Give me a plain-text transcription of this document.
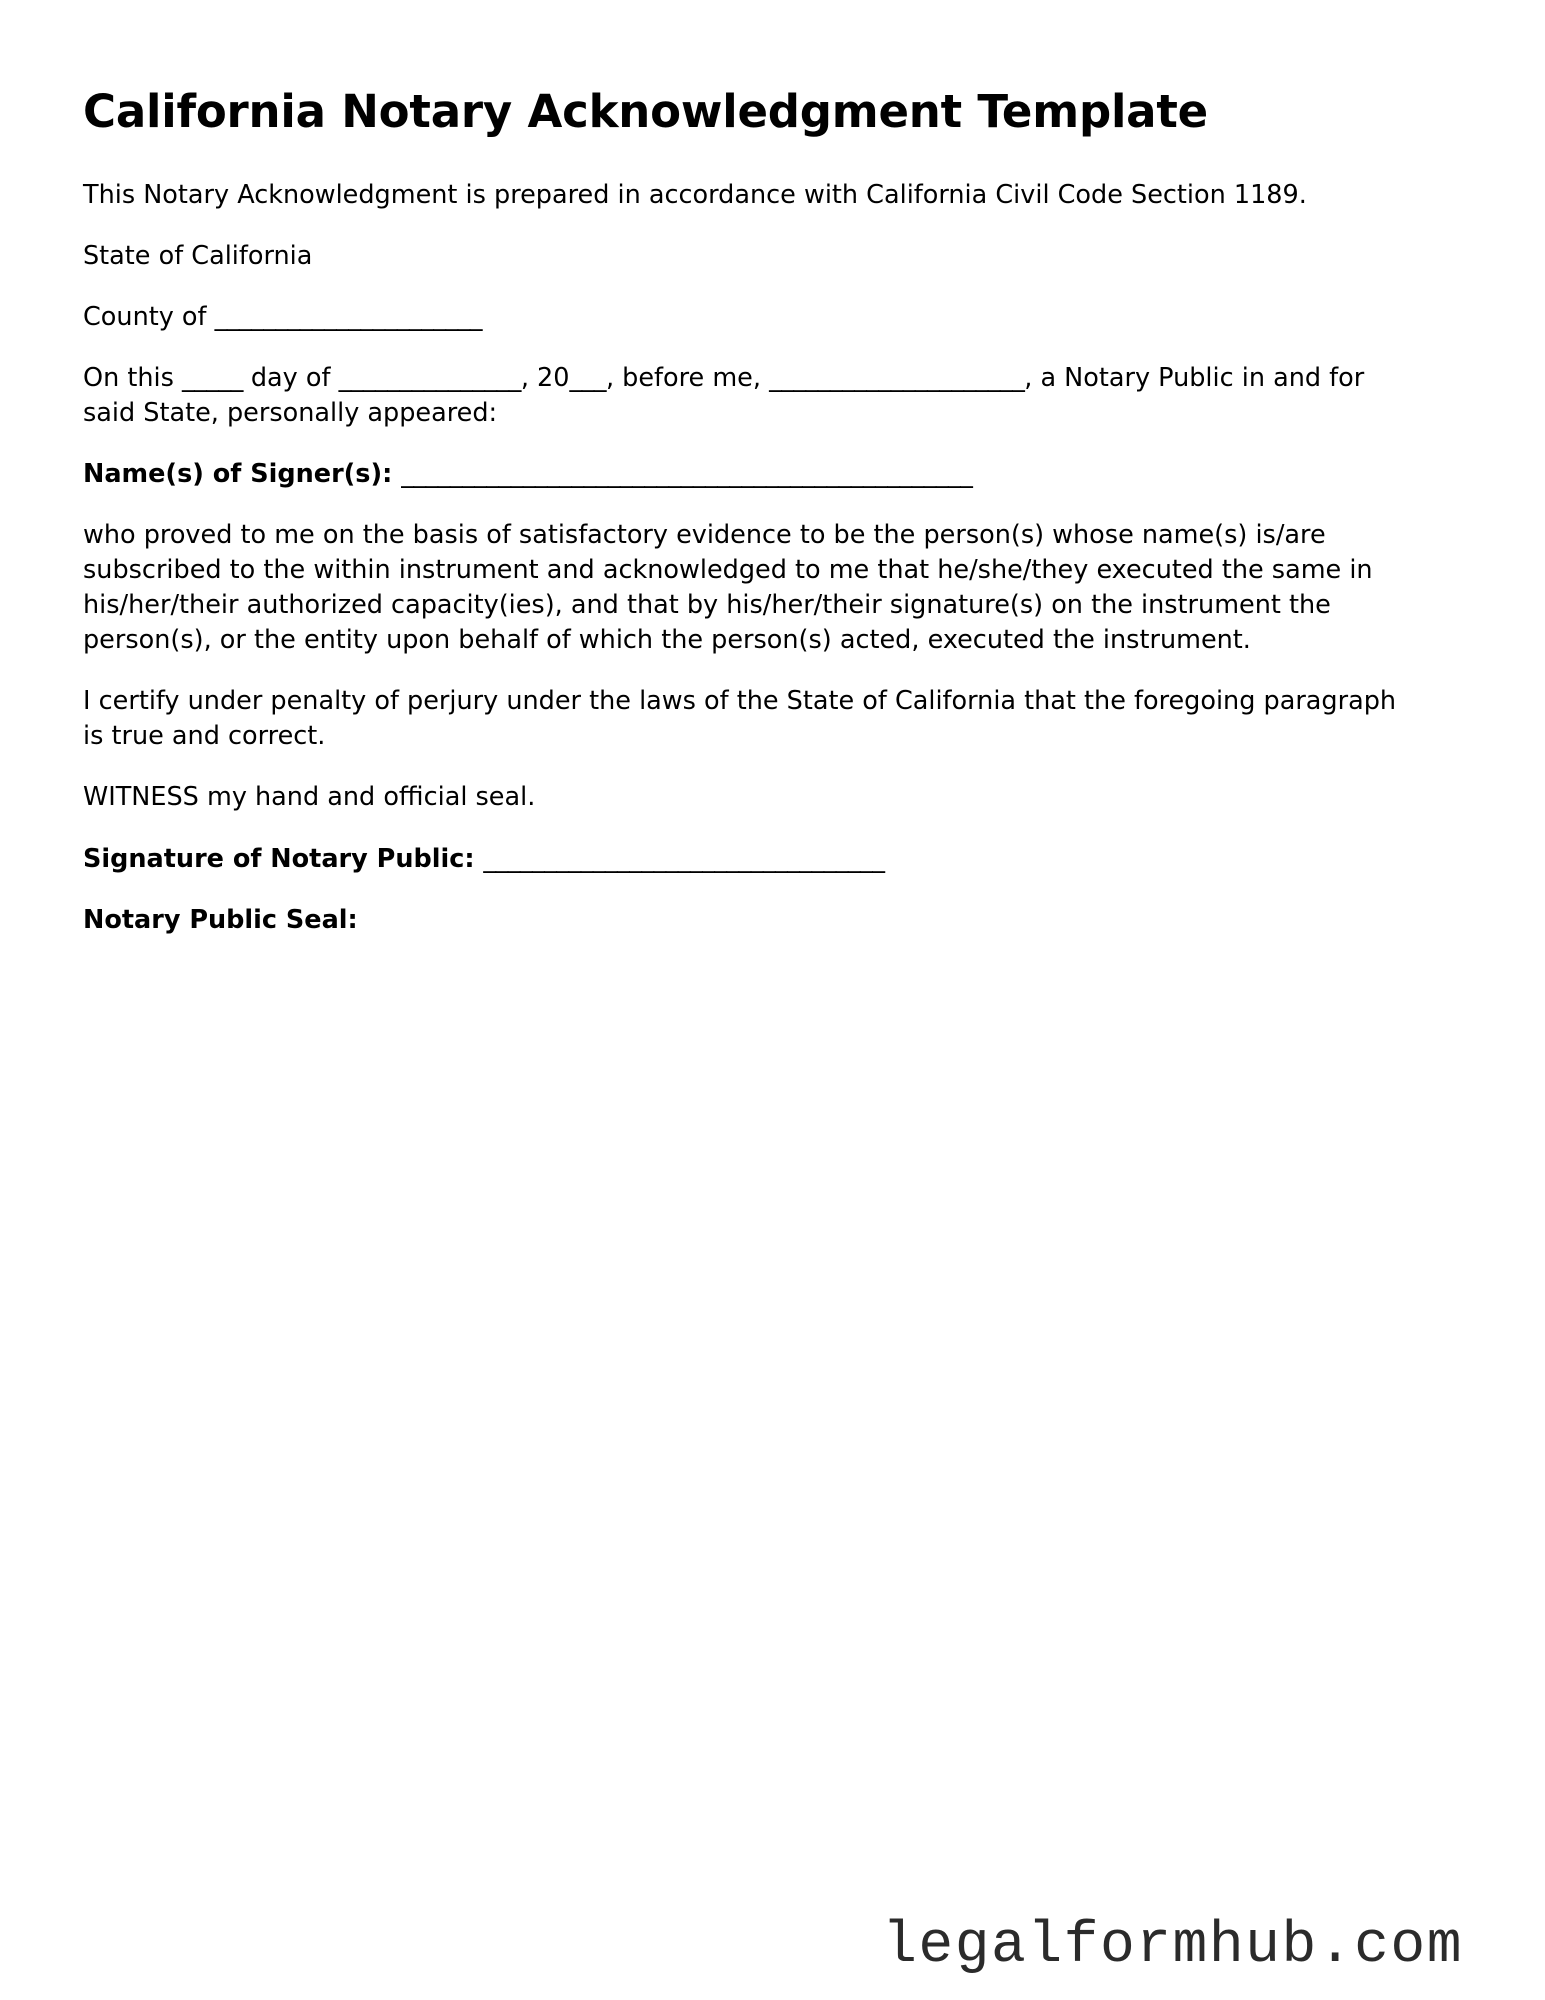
California Notary Acknowledgment Template

This Notary Acknowledgment is prepared in accordance with California Civil Code Section 1189.

State of California

County of ______________________

On this _____ day of _______________, 20___, before me, _____________________, a Notary Public in and for said State, personally appeared:

Name(s) of Signer(s): _______________________________________________

who proved to me on the basis of satisfactory evidence to be the person(s) whose name(s) is/are subscribed to the within instrument and acknowledged to me that he/she/they executed the same in his/her/their authorized capacity(ies), and that by his/her/their signature(s) on the instrument the person(s), or the entity upon behalf of which the person(s) acted, executed the instrument.

I certify under penalty of perjury under the laws of the State of California that the foregoing paragraph is true and correct.

WITNESS my hand and official seal.

Signature of Notary Public: _________________________________

Notary Public Seal:

legalformhub.com
